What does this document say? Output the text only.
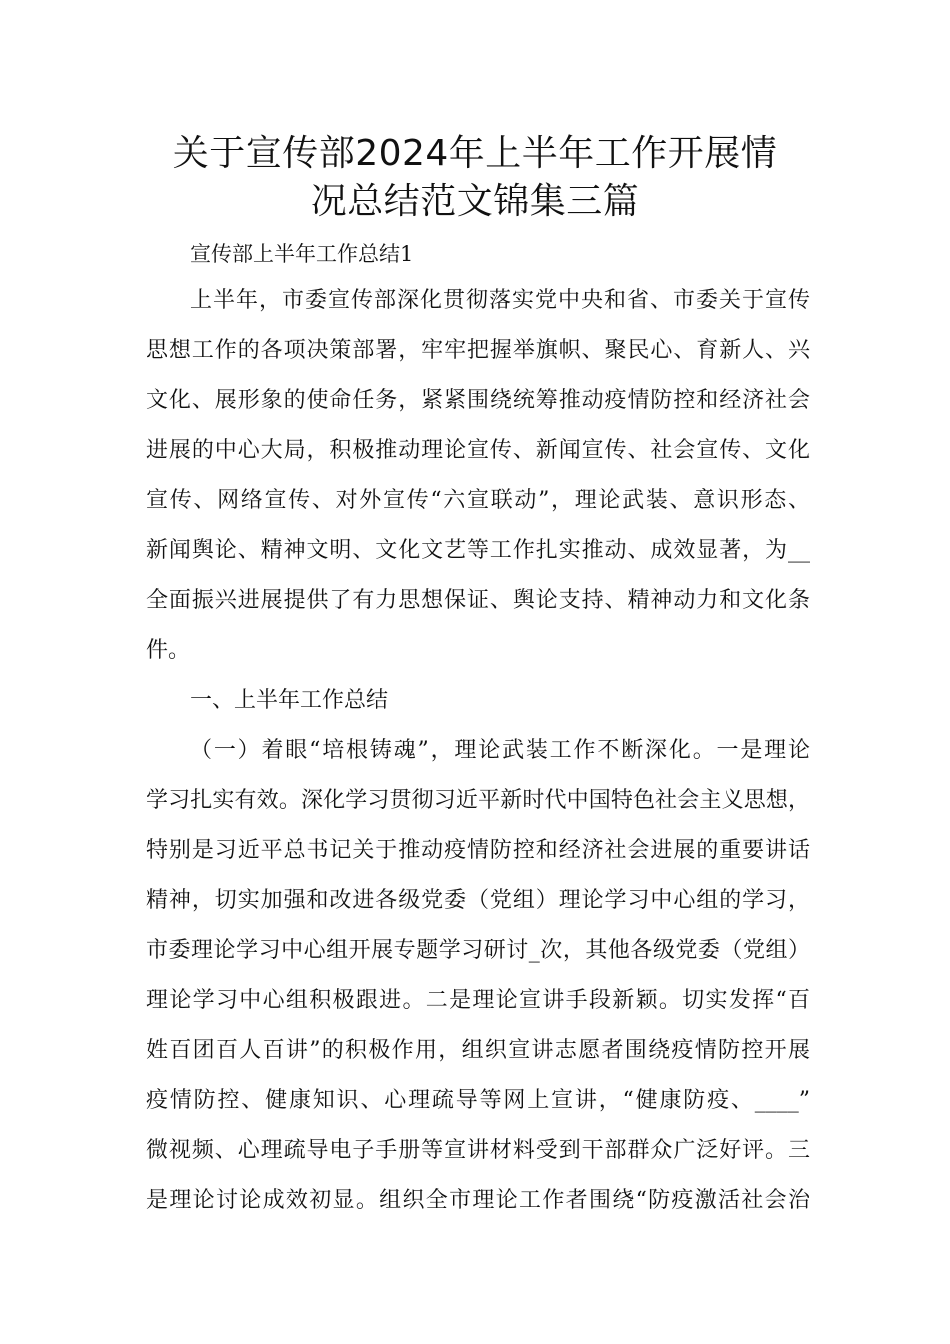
关于宣传部2024年上半年工作开展情
况总结范文锦集三篇
宣传部上半年工作总结1
上半年，市委宣传部深化贯彻落实党中央和省、市委关于宣传
思想工作的各项决策部署，牢牢把握举旗帜、聚民心、育新人、兴
文化、展形象的使命任务，紧紧围绕统筹推动疫情防控和经济社会
进展的中心大局，积极推动理论宣传、新闻宣传、社会宣传、文化
宣传、网络宣传、对外宣传“六宣联动”，理论武装、意识形态、
新闻舆论、精神文明、文化文艺等工作扎实推动、成效显著，为__
全面振兴进展提供了有力思想保证、舆论支持、精神动力和文化条
件。
一、上半年工作总结
（一）着眼“培根铸魂”，理论武装工作不断深化。一是理论
学习扎实有效。深化学习贯彻习近平新时代中国特色社会主义思想，
特别是习近平总书记关于推动疫情防控和经济社会进展的重要讲话
精神，切实加强和改进各级党委（党组）理论学习中心组的学习，
市委理论学习中心组开展专题学习研讨_次，其他各级党委（党组）
理论学习中心组积极跟进。二是理论宣讲手段新颖。切实发挥“百
姓百团百人百讲”的积极作用，组织宣讲志愿者围绕疫情防控开展
疫情防控、健康知识、心理疏导等网上宣讲，“健康防疫、____”
微视频、心理疏导电子手册等宣讲材料受到干部群众广泛好评。三
是理论讨论成效初显。组织全市理论工作者围绕“防疫激活社会治
